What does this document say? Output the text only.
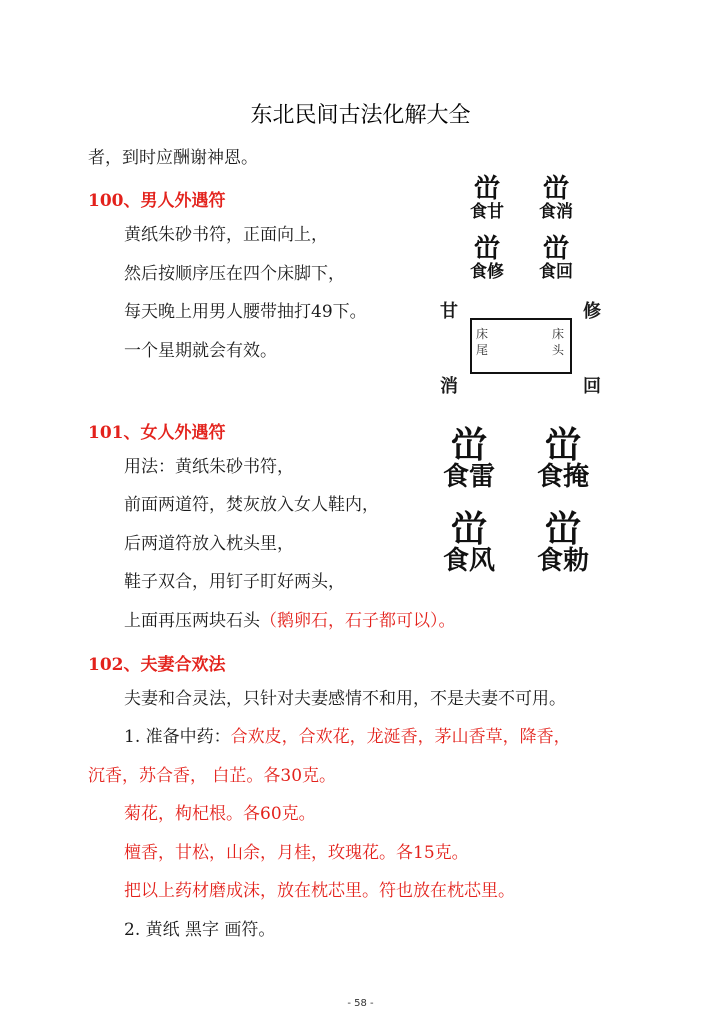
东北民间古法化解大全
者，到时应酬谢神恩。
100、男人外遇符
黄纸朱砂书符，正面向上，
然后按顺序压在四个床脚下，
每天晚上用男人腰带抽打49下。
一个星期就会有效。
峃
食甘
峃
食消
峃
食修
峃
食回
床
尾
床
头
甘	修
消	回
101、女人外遇符
用法：黄纸朱砂书符，
前面两道符，焚灰放入女人鞋内，
后两道符放入枕头里，
鞋子双合，用钉子盯好两头，
上面再压两块石头（鹅卵石，石子都可以）。
峃
食雷
峃
食掩
峃
食风
峃
食勅
102、夫妻合欢法
夫妻和合灵法，只针对夫妻感情不和用，不是夫妻不可用。
1. 准备中药：合欢皮，合欢花，龙涎香，茅山香草，降香，
沉香，苏合香， 白芷。各30克。
菊花，枸杞根。各60克。
檀香，甘松，山余，月桂，玫瑰花。各15克。
把以上药材磨成沫，放在枕芯里。符也放在枕芯里。
2. 黄纸 黑字 画符。
- 58 -
